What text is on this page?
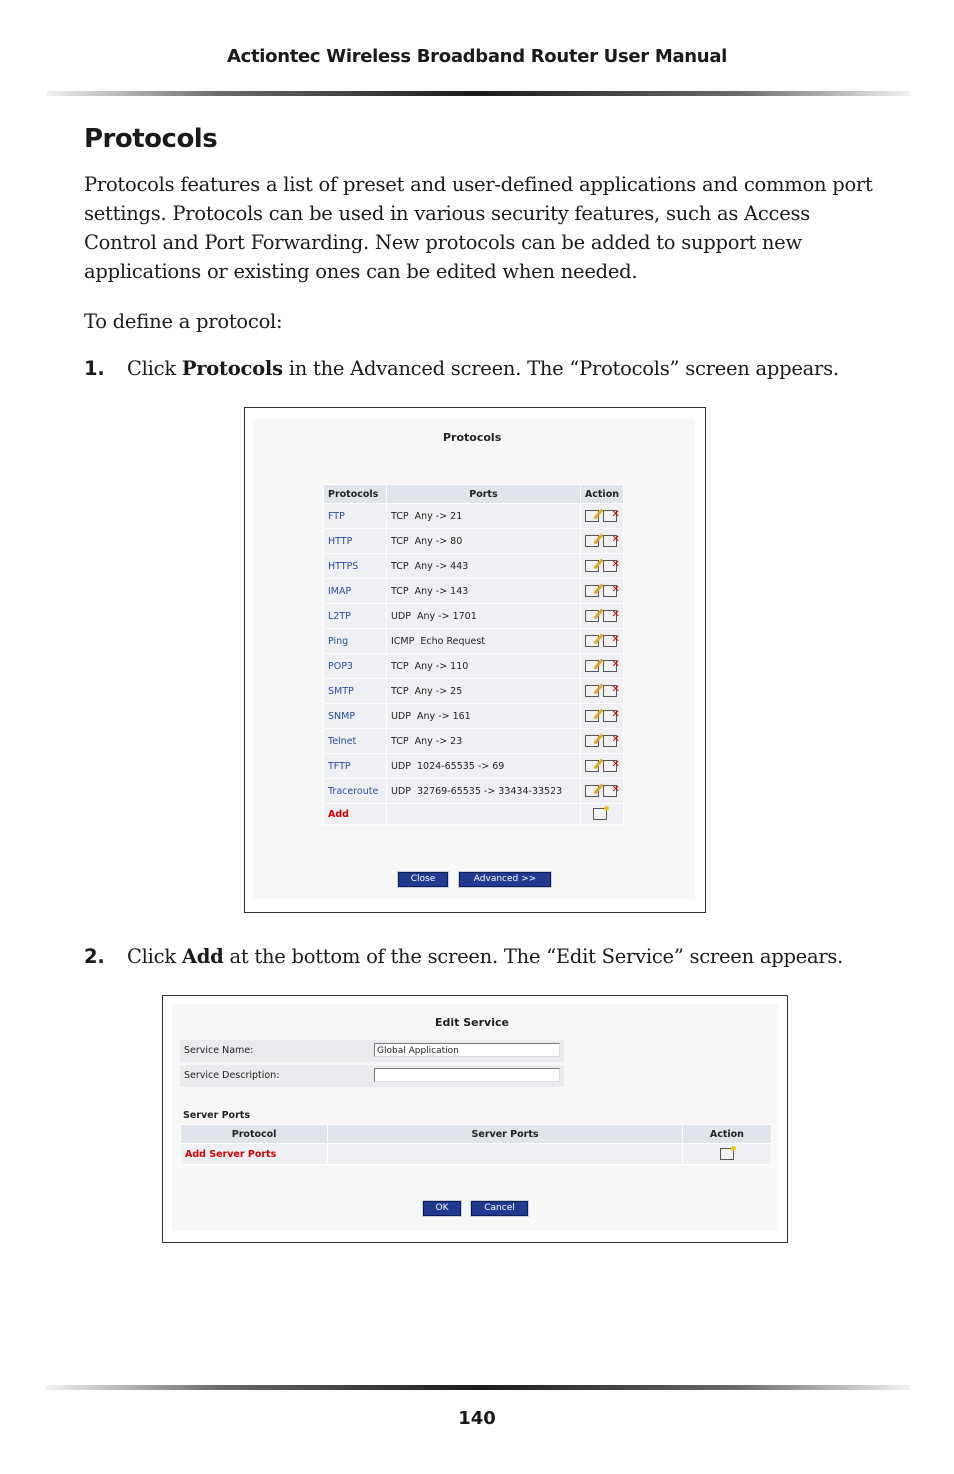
Actiontec Wireless Broadband Router User Manual
Protocols

Protocols features a list of preset and user-defined applications and common port settings. Protocols can be used in various security features, such as Access Control and Port Forwarding. New protocols can be added to support new applications or existing ones can be edited when needed.

To define a protocol:

1. Click Protocols in the Advanced screen. The “Protocols” screen appears.
Protocols
Protocols	Ports	Action
FTP	TCP  Any -> 21	✕
HTTP	TCP  Any -> 80	✕
HTTPS	TCP  Any -> 443	✕
IMAP	TCP  Any -> 143	✕
L2TP	UDP  Any -> 1701	✕
Ping	ICMP  Echo Request	✕
POP3	TCP  Any -> 110	✕
SMTP	TCP  Any -> 25	✕
SNMP	UDP  Any -> 161	✕
Telnet	TCP  Any -> 23	✕
TFTP	UDP  1024-65535 -> 69	✕
Traceroute	UDP  32769-65535 -> 33434-33523	✕
Add		
Close	Advanced >>
2. Click Add at the bottom of the screen. The “Edit Service” screen appears.
Edit Service
Service Name:	Global Application
Service Description:
Server Ports
Protocol	Server Ports	Action
Add Server Ports		
OK	Cancel
140
